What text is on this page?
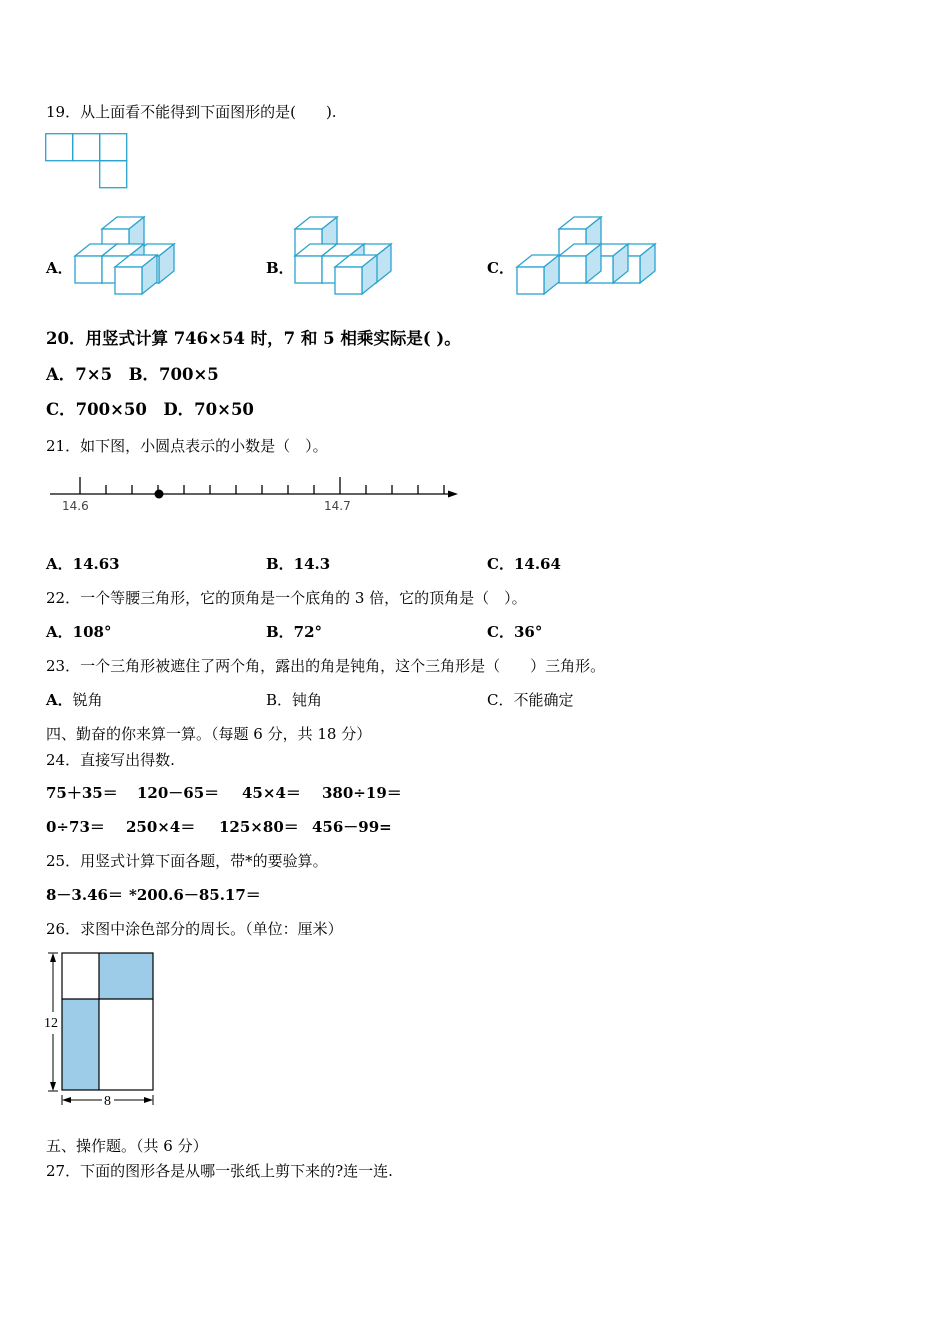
19．从上面看不能得到下面图形的是(　　).
A．	B．	C．
20．用竖式计算 746×54 时，7 和 5 相乘实际是( )。
A．7×5　B．700×5
C．700×50　D．70×50
21．如下图，小圆点表示的小数是（　）。
14.6	14.7
A．14.63	B．14.3	C．14.64
22．一个等腰三角形，它的顶角是一个底角的 3 倍，它的顶角是（　）。
A．108°	B．72°	C．36°
23．一个三角形被遮住了两个角，露出的角是钝角，这个三角形是（　　）三角形。
A．锐角	B．钝角	C．不能确定
四、勤奋的你来算一算。（每题 6 分，共 18 分）
24．直接写出得数.
75＋35＝ 120－65＝ 45×4＝ 380÷19＝
0÷73＝ 250×4＝ 125×80＝ 456－99=
25．用竖式计算下面各题，带*的要验算。
8－3.46＝ *200.6－85.17＝
26．求图中涂色部分的周长。（单位：厘米）
12
8
五、操作题。（共 6 分）
27．下面的图形各是从哪一张纸上剪下来的?连一连.
